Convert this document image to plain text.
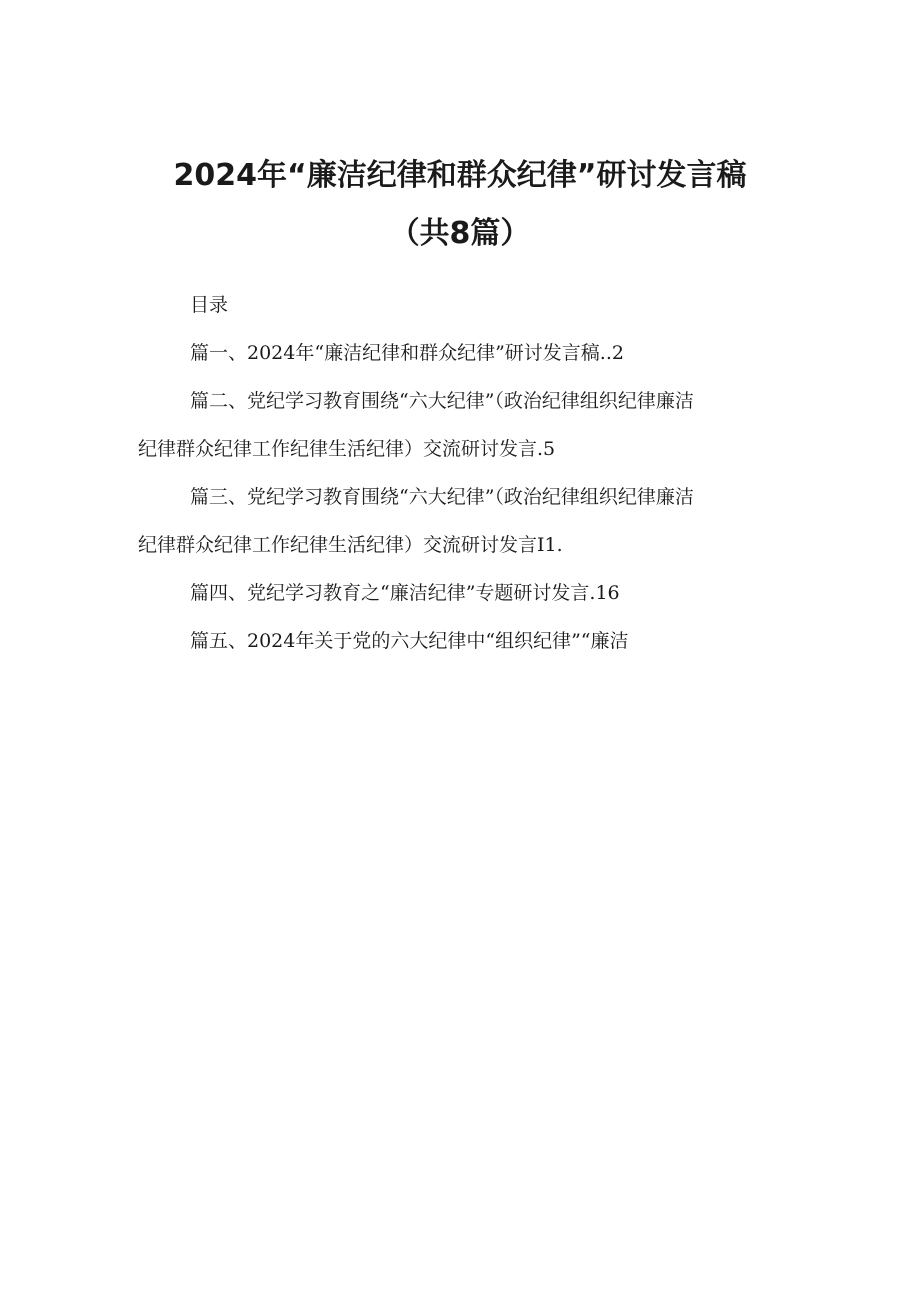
2024年“廉洁纪律和群众纪律”研讨发言稿
（共8篇）
目录
篇一、2024年“廉洁纪律和群众纪律”研讨发言稿..2
篇二、党纪学习教育围绕“六大纪律”（政治纪律组织纪律廉洁
纪律群众纪律工作纪律生活纪律）交流研讨发言.5
篇三、党纪学习教育围绕“六大纪律”（政治纪律组织纪律廉洁
纪律群众纪律工作纪律生活纪律）交流研讨发言I1.
篇四、党纪学习教育之“廉洁纪律”专题研讨发言.16
篇五、2024年关于党的六大纪律中“组织纪律”“廉洁
